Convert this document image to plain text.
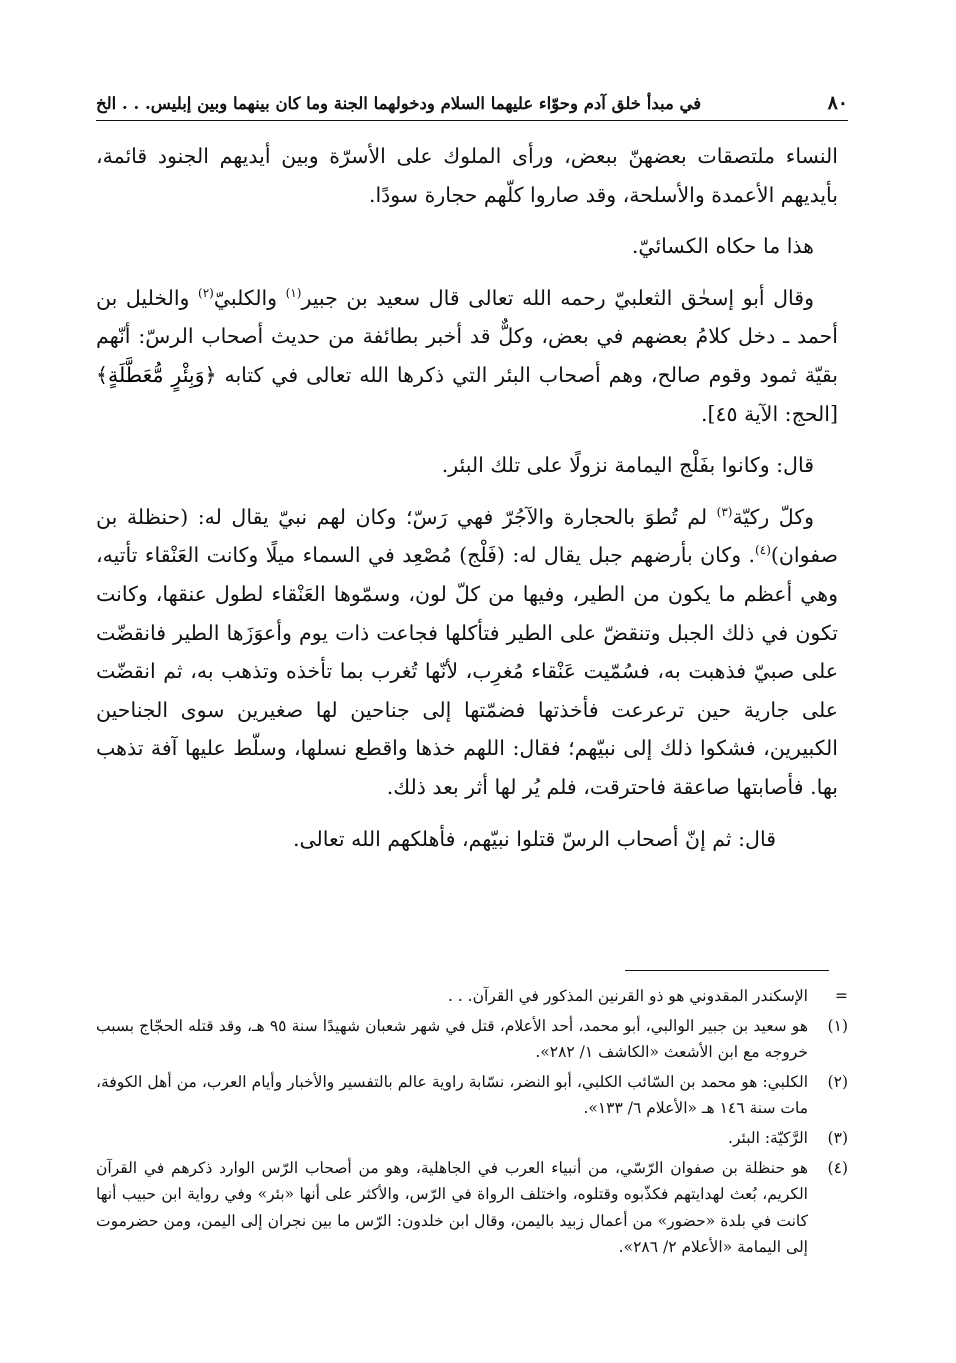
٨٠
في مبدأ خلق آدم وحوّاء عليهما السلام ودخولهما الجنة وما كان بينهما وبين إبليس. . . الخ

النساء ملتصقات بعضهنّ ببعض، ورأى الملوك على الأسرّة وبين أيديهم الجنود قائمة، بأيديهم الأعمدة والأسلحة، وقد صاروا كلّهم حجارة سودًا.

هذا ما حكاه الكسائيّ.

وقال أبو إسحٰق الثعلبيّ رحمه الله تعالى قال سعيد بن جبير$^{(١)}$ والكلبيّ$^{(٢)}$ والخليل بن أحمد ـ دخل كلامُ بعضهم في بعض، وكلٌّ قد أخبر بطائفة من حديث أصحاب الرسّ: أنّهم بقيّة ثمود وقوم صالح، وهم أصحاب البئر التي ذكرها الله تعالى في كتابه ﴿وَبِئْرٍ مُّعَطَّلَةٍ﴾ [الحج: الآية ٤٥].

قال: وكانوا بفَلْج اليمامة نزولًا على تلك البئر.

وكلّ ركيّة$^{(٣)}$ لم تُطوَ بالحجارة والآجُرّ فهي رَسّ؛ وكان لهم نبيّ يقال له: (حنظلة بن صفوان)$^{(٤)}$. وكان بأرضهم جبل يقال له: (فَلْج) مُصْعِد في السماء ميلًا وكانت العَنْقاء تأتيه، وهي أعظم ما يكون من الطير، وفيها من كلّ لون، وسمّوها العَنْقاء لطول عنقها، وكانت تكون في ذلك الجبل وتنقضّ على الطير فتأكلها فجاعت ذات يوم وأعوَزَها الطير فانقضّت على صبيّ فذهبت به، فسُمّيت عَنْقاء مُغرِب، لأنّها تُغرب بما تأخذه وتذهب به، ثم انقضّت على جارية حين ترعرعت فأخذتها فضمّتها إلى جناحين لها صغيرين سوى الجناحين الكبيرين، فشكوا ذلك إلى نبيّهم؛ فقال: اللهم خذها واقطع نسلها، وسلّط عليها آفة تذهب بها. فأصابتها صاعقة فاحترقت، فلم يُر لها أثر بعد ذلك.

قال: ثم إنّ أصحاب الرسّ قتلوا نبيّهم، فأهلكهم الله تعالى.

=
الإسكندر المقدوني هو ذو القرنين المذكور في القرآن. . .
(١)
هو سعيد بن جبير الوالبي، أبو محمد، أحد الأعلام، قتل في شهر شعبان شهيدًا سنة ٩٥ هـ، وقد قتله الحجّاج بسبب خروجه مع ابن الأشعث «الكاشف ١/ ٢٨٢».
(٢)
الكلبي: هو محمد بن السّائب الكلبي، أبو النضر، نسّابة راوية عالم بالتفسير والأخبار وأيام العرب، من أهل الكوفة، مات سنة ١٤٦ هـ «الأعلام ٦/ ١٣٣».
(٣)
الرَّكيّة: البئر.
(٤)
هو حنظلة بن صفوان الرّسّي، من أنبياء العرب في الجاهلية، وهو من أصحاب الرّس الوارد ذكرهم في القرآن الكريم، بُعث لهدايتهم فكذّبوه وقتلوه، واختلف الرواة في الرّس، والأكثر على أنها «بئر» وفي رواية ابن حبيب أنها كانت في بلدة «حضور» من أعمال زبيد باليمن، وقال ابن خلدون: الرّس ما بين نجران إلى اليمن، ومن حضرموت إلى اليمامة «الأعلام ٢/ ٢٨٦».
